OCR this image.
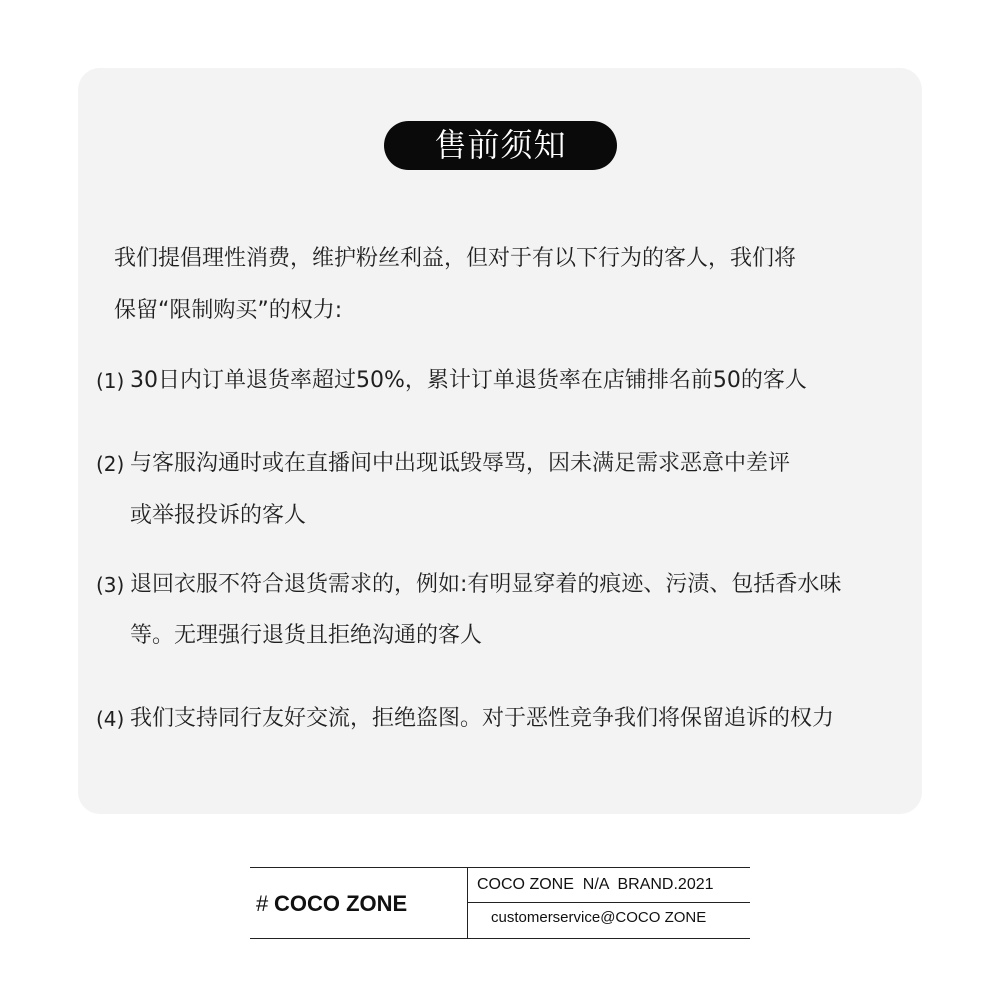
售前须知
我们提倡理性消费，维护粉丝利益，但对于有以下行为的客人，我们将
保留“限制购买”的权力:
(1) 30日内订单退货率超过50%，累计订单退货率在店铺排名前50的客人
(2) 与客服沟通时或在直播间中出现诋毁辱骂，因未满足需求恶意中差评
或举报投诉的客人
(3) 退回衣服不符合退货需求的，例如:有明显穿着的痕迹、污渍、包括香水味
等。无理强行退货且拒绝沟通的客人
(4) 我们支持同行友好交流，拒绝盗图。对于恶性竞争我们将保留追诉的权力
# COCO ZONE
COCO ZONE  N/A  BRAND.2021
customerservice@COCO ZONE
